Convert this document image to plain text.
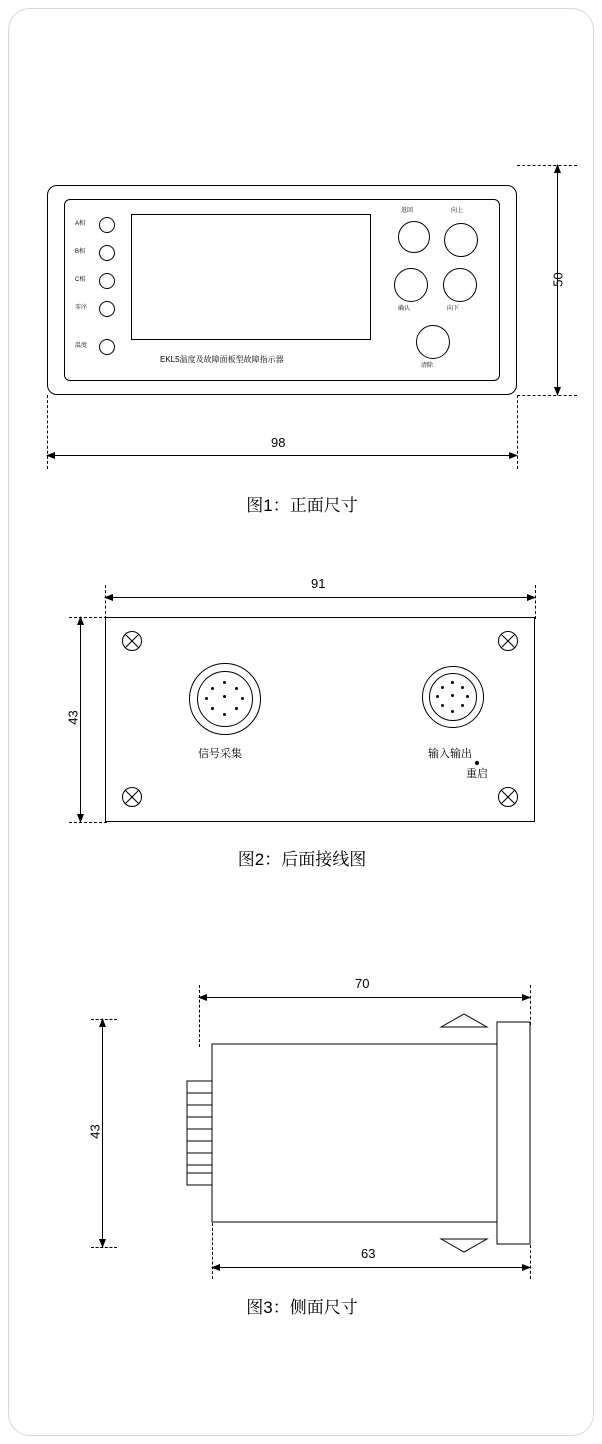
A相
B相
C相
零序
温度
EKL5温度及故障面板型故障指示器
返回	向上
确认	向下
清除
50
98
图1：正面尺寸
91
43
信号采集	输入输出
重启
图2：后面接线图
70
43
63
图3：侧面尺寸
